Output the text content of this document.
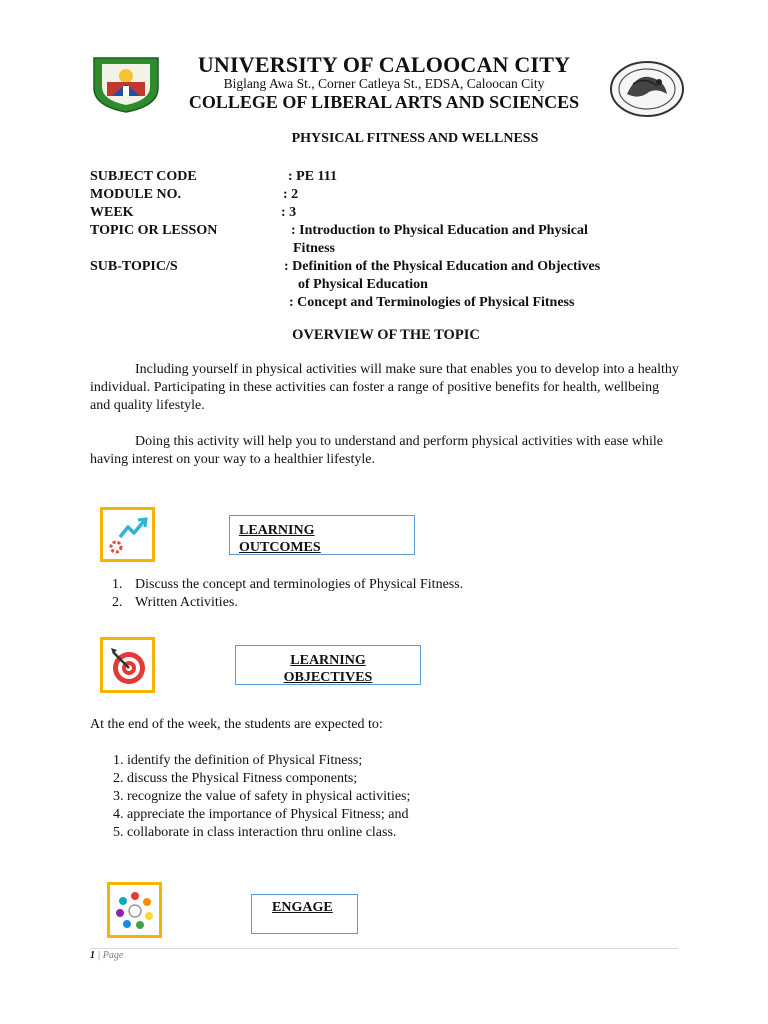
UNIVERSITY OF CALOOCAN CITY
Biglang Awa St., Corner Catleya St., EDSA, Caloocan City
COLLEGE OF LIBERAL ARTS AND SCIENCES
PHYSICAL FITNESS AND WELLNESS
SUBJECT CODE	: PE 111
MODULE NO.	: 2
WEEK	: 3
TOPIC OR LESSON	: Introduction to Physical Education and Physical
Fitness
SUB-TOPIC/S	: Definition of the Physical Education and Objectives
of Physical Education
: Concept and Terminologies of Physical Fitness
OVERVIEW OF THE TOPIC
Including yourself in physical activities will make sure that enables you to develop into a healthy individual. Participating in these activities can foster a range of positive benefits for health, wellbeing and quality lifestyle.
Doing this activity will help you to understand and perform physical activities with ease while having interest on your way to a healthier lifestyle.
LEARNING
OUTCOMES
1. Discuss the concept and terminologies of Physical Fitness.
2. Written Activities.
LEARNING
OBJECTIVES
At the end of the week, the students are expected to:
1. identify the definition of Physical Fitness;
2. discuss the Physical Fitness components;
3. recognize the value of safety in physical activities;
4. appreciate the importance of Physical Fitness; and
5. collaborate in class interaction thru online class.
ENGAGE
1 | Page
